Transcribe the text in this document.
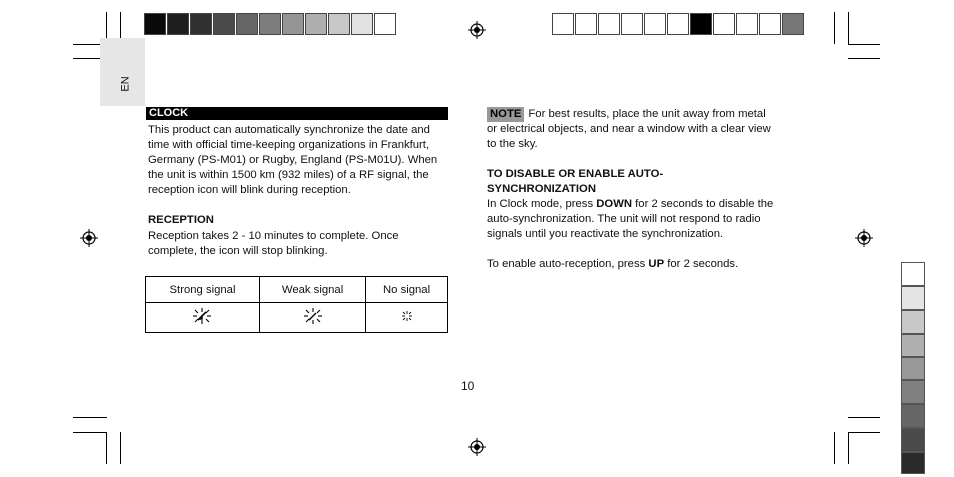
EN
CLOCK
This product can automatically synchronize the date and time with official time-keeping organizations in Frankfurt, Germany (PS-M01) or Rugby, England (PS-M01U). When the unit is within 1500 km (932 miles) of a RF signal, the reception icon will blink during reception.
RECEPTION
Reception takes 2 - 10 minutes to complete. Once complete, the icon will stop blinking.
Strong signal	Weak signal	No signal

NOTE For best results, place the unit away from metal or electrical objects, and near a window with a clear view to the sky.
TO DISABLE OR ENABLE AUTO-
SYNCHRONIZATION
In Clock mode, press DOWN for 2 seconds to disable the auto-synchronization. The unit will not respond to radio signals until you reactivate the synchronization.
To enable auto-reception, press UP for 2 seconds.
10
